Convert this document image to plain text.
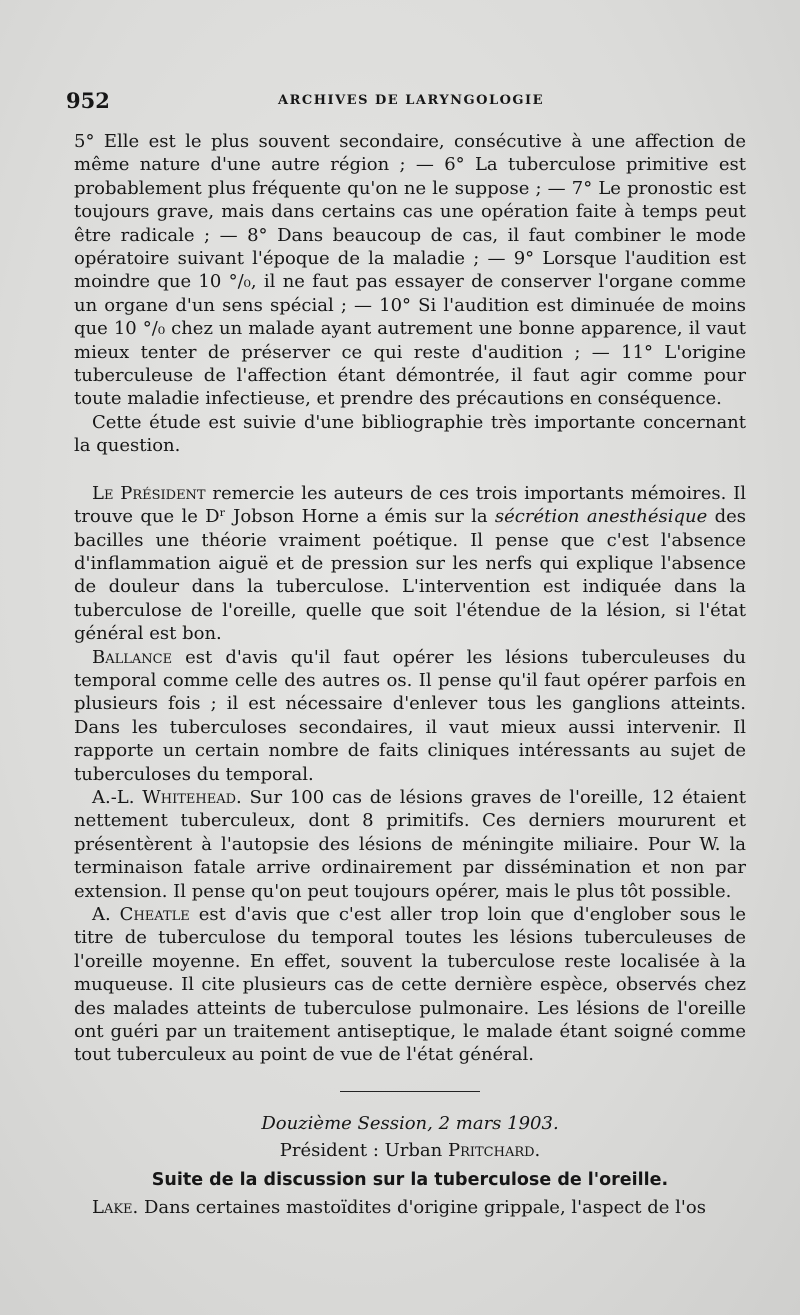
952	ARCHIVES DE LARYNGOLOGIE

5° Elle est le plus souvent secondaire, consécutive à une affection de même nature d'une autre région ; — 6° La tuberculose primitive est probablement plus fréquente qu'on ne le suppose ; — 7° Le pronostic est toujours grave, mais dans certains cas une opération faite à temps peut être radicale ; — 8° Dans beaucoup de cas, il faut combiner le mode opératoire suivant l'époque de la maladie ; — 9° Lorsque l'audition est moindre que 10 °/₀, il ne faut pas essayer de conserver l'organe comme un organe d'un sens spécial ; — 10° Si l'audition est diminuée de moins que 10 °/₀ chez un malade ayant autrement une bonne apparence, il vaut mieux tenter de préserver ce qui reste d'audition ; — 11° L'origine tuberculeuse de l'affection étant démontrée, il faut agir comme pour toute maladie infectieuse, et prendre des précautions en conséquence.

Cette étude est suivie d'une bibliographie très importante concernant la question.

Le Président remercie les auteurs de ces trois importants mémoires. Il trouve que le Dʳ Jobson Horne a émis sur la sécrétion anesthésique des bacilles une théorie vraiment poétique. Il pense que c'est l'absence d'inflammation aiguë et de pression sur les nerfs qui explique l'absence de douleur dans la tuberculose. L'intervention est indiquée dans la tuberculose de l'oreille, quelle que soit l'étendue de la lésion, si l'état général est bon.

Ballance est d'avis qu'il faut opérer les lésions tuberculeuses du temporal comme celle des autres os. Il pense qu'il faut opérer parfois en plusieurs fois ; il est nécessaire d'enlever tous les ganglions atteints. Dans les tuberculoses secondaires, il vaut mieux aussi intervenir. Il rapporte un certain nombre de faits cliniques intéressants au sujet de tuberculoses du temporal.

A.-L. Whitehead. Sur 100 cas de lésions graves de l'oreille, 12 étaient nettement tuberculeux, dont 8 primitifs. Ces derniers moururent et présentèrent à l'autopsie des lésions de méningite miliaire. Pour W. la terminaison fatale arrive ordinairement par dissémination et non par extension. Il pense qu'on peut toujours opérer, mais le plus tôt possible.

A. Cheatle est d'avis que c'est aller trop loin que d'englober sous le titre de tuberculose du temporal toutes les lésions tuberculeuses de l'oreille moyenne. En effet, souvent la tuberculose reste localisée à la muqueuse. Il cite plusieurs cas de cette dernière espèce, observés chez des malades atteints de tuberculose pulmonaire. Les lésions de l'oreille ont guéri par un traitement antiseptique, le malade étant soigné comme tout tuberculeux au point de vue de l'état général.

Douzième Session, 2 mars 1903.

Président : Urban Pritchard.

Suite de la discussion sur la tuberculose de l'oreille.

Lake. Dans certaines mastoïdites d'origine grippale, l'aspect de l'os
